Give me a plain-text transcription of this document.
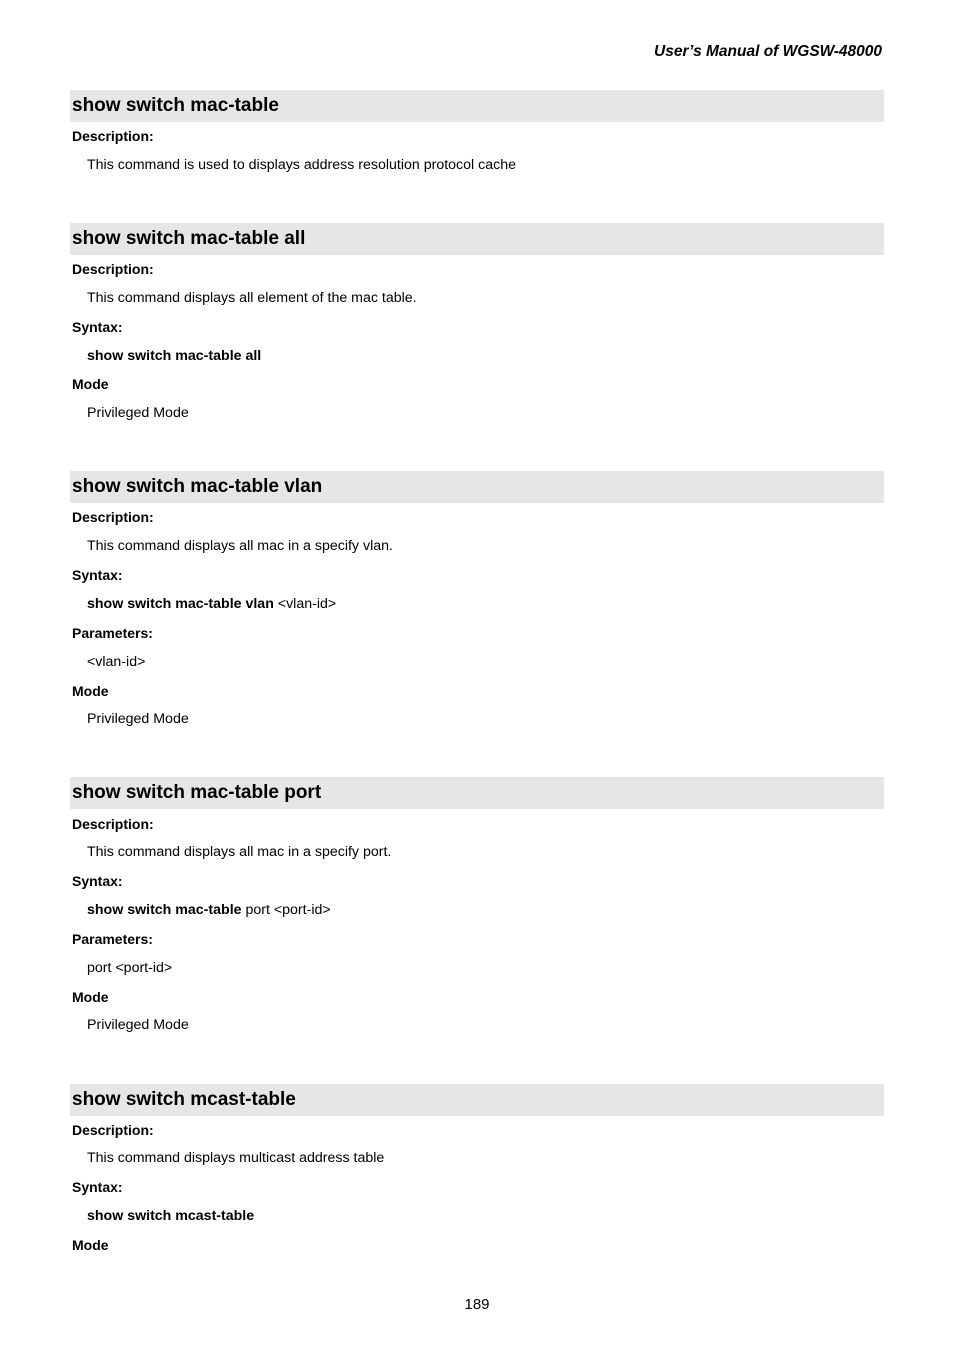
User’s Manual of WGSW-48000
show switch mac-table
Description:
This command is used to displays address resolution protocol cache
show switch mac-table all
Description:
This command displays all element of the mac table.
Syntax:
show switch mac-table all
Mode
Privileged Mode
show switch mac-table vlan
Description:
This command displays all mac in a specify vlan.
Syntax:
show switch mac-table vlan <vlan-id>
Parameters:
<vlan-id>
Mode
Privileged Mode
show switch mac-table port
Description:
This command displays all mac in a specify port.
Syntax:
show switch mac-table port <port-id>
Parameters:
port <port-id>
Mode
Privileged Mode
show switch mcast-table
Description:
This command displays multicast address table
Syntax:
show switch mcast-table
Mode
189
